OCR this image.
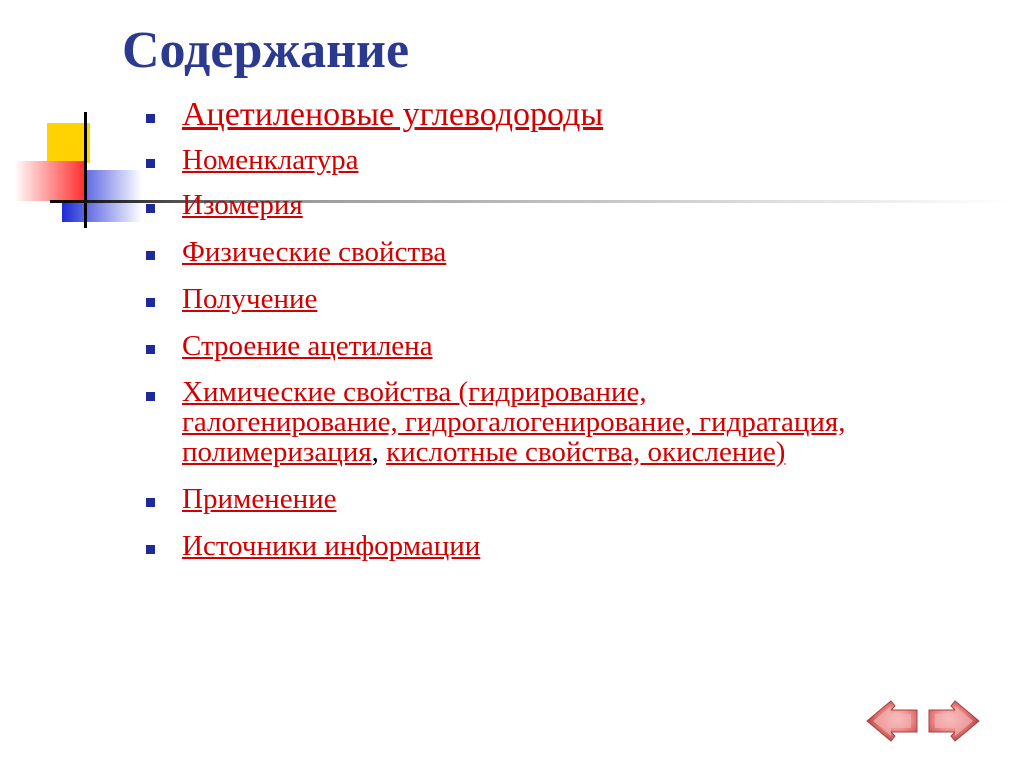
Содержание
Ацетиленовые углеводороды
Номенклатура
Изомерия
Физические свойства
Получение
Строение ацетилена
Химические свойства (гидрирование, галогенирование, гидрогалогенирование, гидратация, полимеризация, кислотные свойства, окисление)
Применение
Источники информации
